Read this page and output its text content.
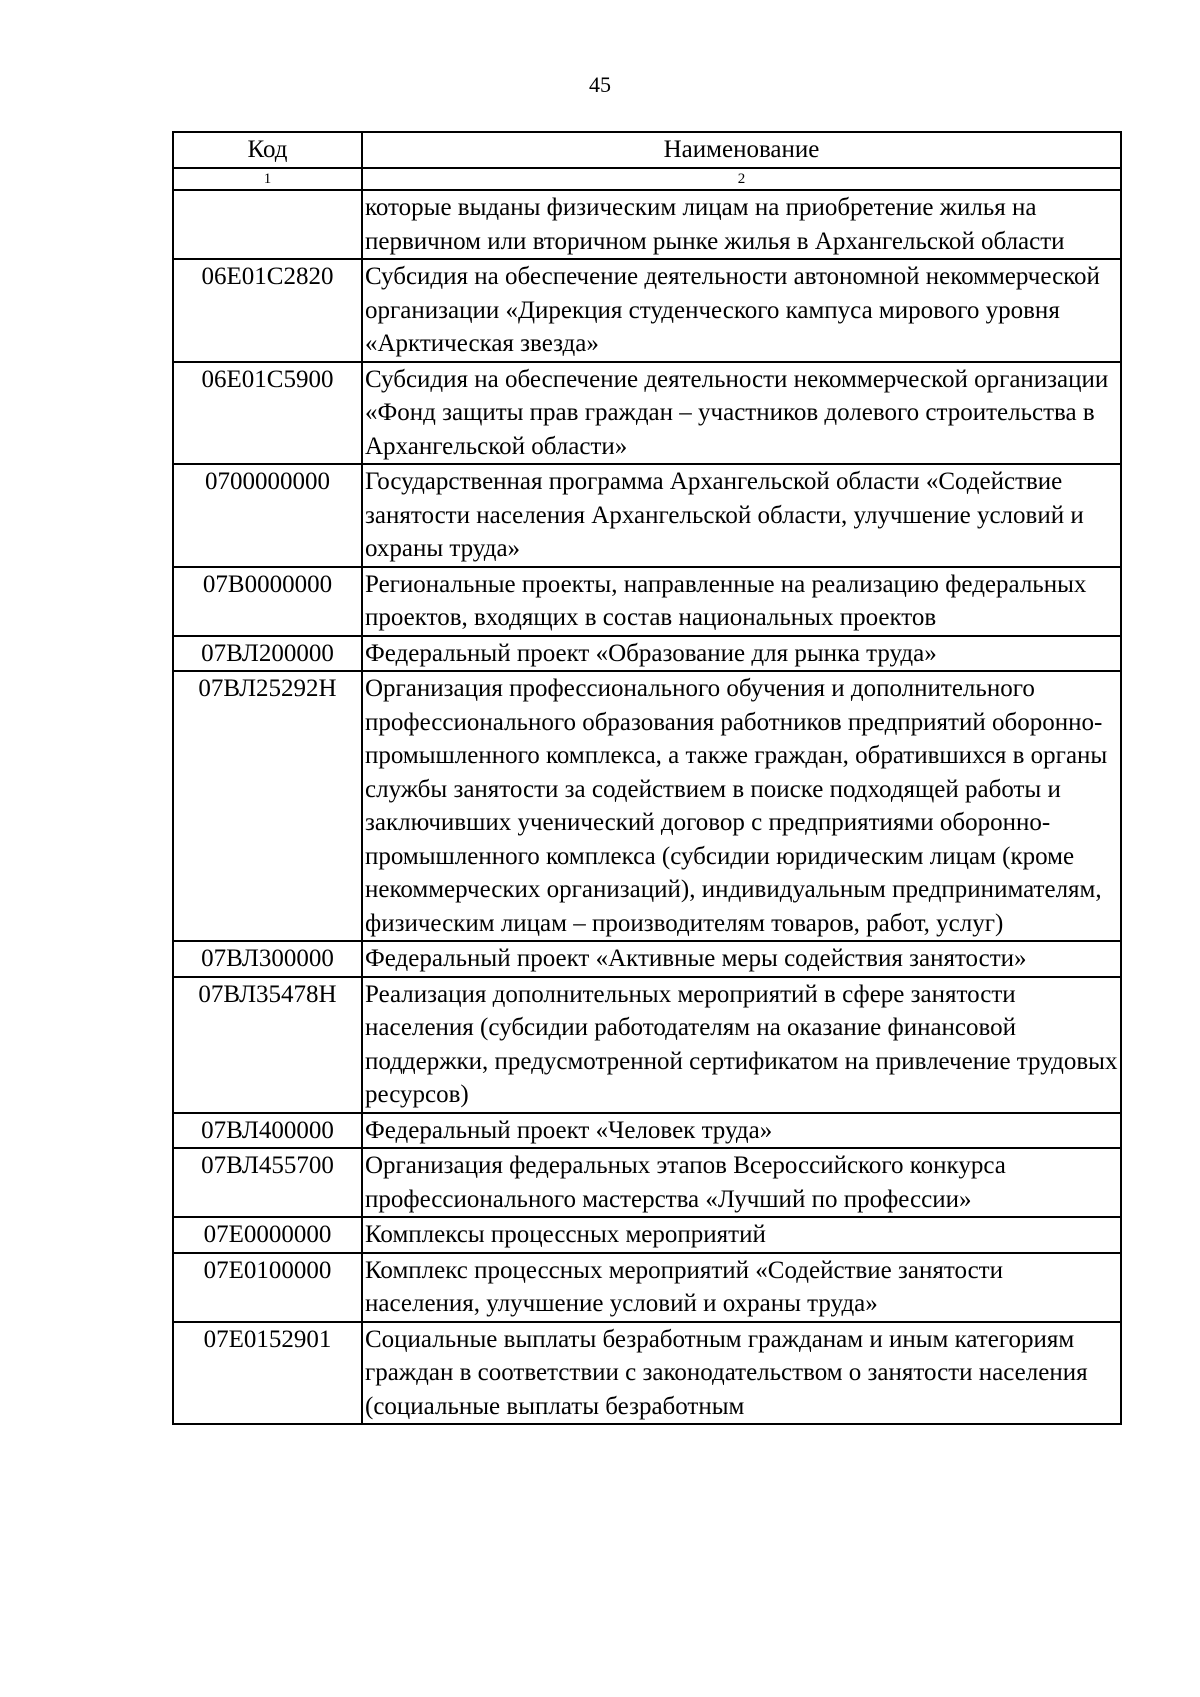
45
Код	Наименование
1	2
	которые выданы физическим лицам на приобретение жилья на первичном или вторичном рынке жилья в Архангельской области
06Е01С2820	Субсидия на обеспечение деятельности автономной некоммерческой организации «Дирекция студенческого кампуса мирового уровня «Арктическая звезда»
06Е01С5900	Субсидия на обеспечение деятельности некоммерческой организации «Фонд защиты прав граждан – участников долевого строительства в Архангельской области»
0700000000	Государственная программа Архангельской области «Содействие занятости населения Архангельской области, улучшение условий и охраны труда»
07В0000000	Региональные проекты, направленные на реализацию федеральных проектов, входящих в состав национальных проектов
07ВЛ200000	Федеральный проект «Образование для рынка труда»
07ВЛ25292Н	Организация профессионального обучения и дополнительного профессионального образования работников предприятий оборонно-промышленного комплекса, а также граждан, обратившихся в органы службы занятости за содействием в поиске подходящей работы и заключивших ученический договор с предприятиями оборонно-промышленного комплекса (субсидии юридическим лицам (кроме некоммерческих организаций), индивидуальным предпринимателям, физическим лицам – производителям товаров, работ, услуг)
07ВЛ300000	Федеральный проект «Активные меры содействия занятости»
07ВЛ35478Н	Реализация дополнительных мероприятий в сфере занятости населения (субсидии работодателям на оказание финансовой поддержки, предусмотренной сертификатом на привлечение трудовых ресурсов)
07ВЛ400000	Федеральный проект «Человек труда»
07ВЛ455700	Организация федеральных этапов Всероссийского конкурса профессионального мастерства «Лучший по профессии»
07Е0000000	Комплексы процессных мероприятий
07Е0100000	Комплекс процессных мероприятий «Содействие занятости населения, улучшение условий и охраны труда»
07Е0152901	Социальные выплаты безработным гражданам и иным категориям граждан в соответствии с законодательством о занятости населения (социальные выплаты безработным
